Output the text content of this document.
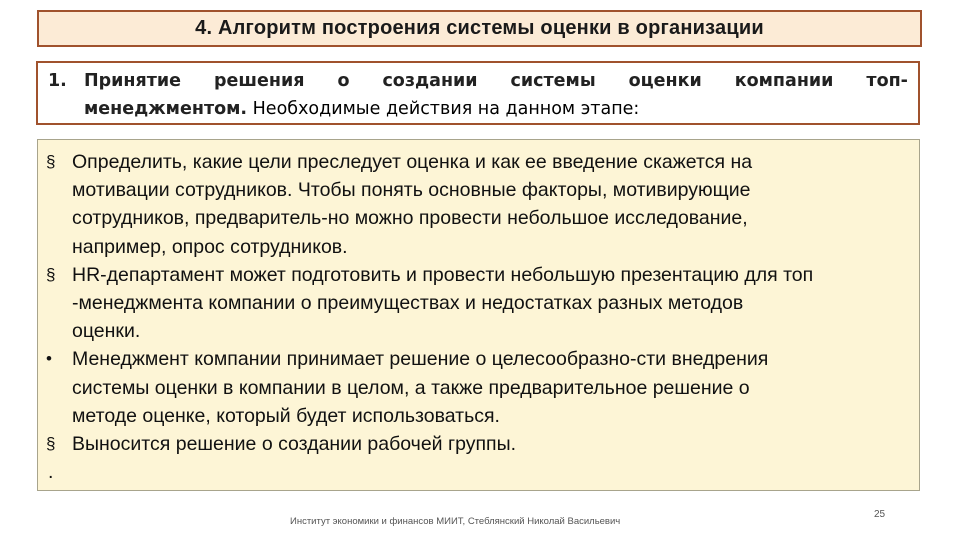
4. Алгоритм построения системы оценки в организации
1. Принятие решения о создании системы оценки компании топ-
менеджментом. Необходимые действия на данном этапе:
§ Определить, какие цели преследует оценка и как ее введение скажется на
мотивации сотрудников. Чтобы понять основные факторы, мотивирующие
сотрудников, предваритель-но можно провести небольшое исследование,
например, опрос сотрудников.
§ HR-департамент может подготовить и провести небольшую презентацию для топ
-менеджмента компании о преимуществах и недостатках разных методов
оценки.
•	Менеджмент компании принимает решение о целесообразно-сти внедрения
системы оценки в компании в целом, а также предварительное решение о
методе оценке, который будет использоваться.
§ Выносится решение о создании рабочей группы.
.
Институт экономики и финансов МИИТ, Стеблянский Николай Васильевич
25
